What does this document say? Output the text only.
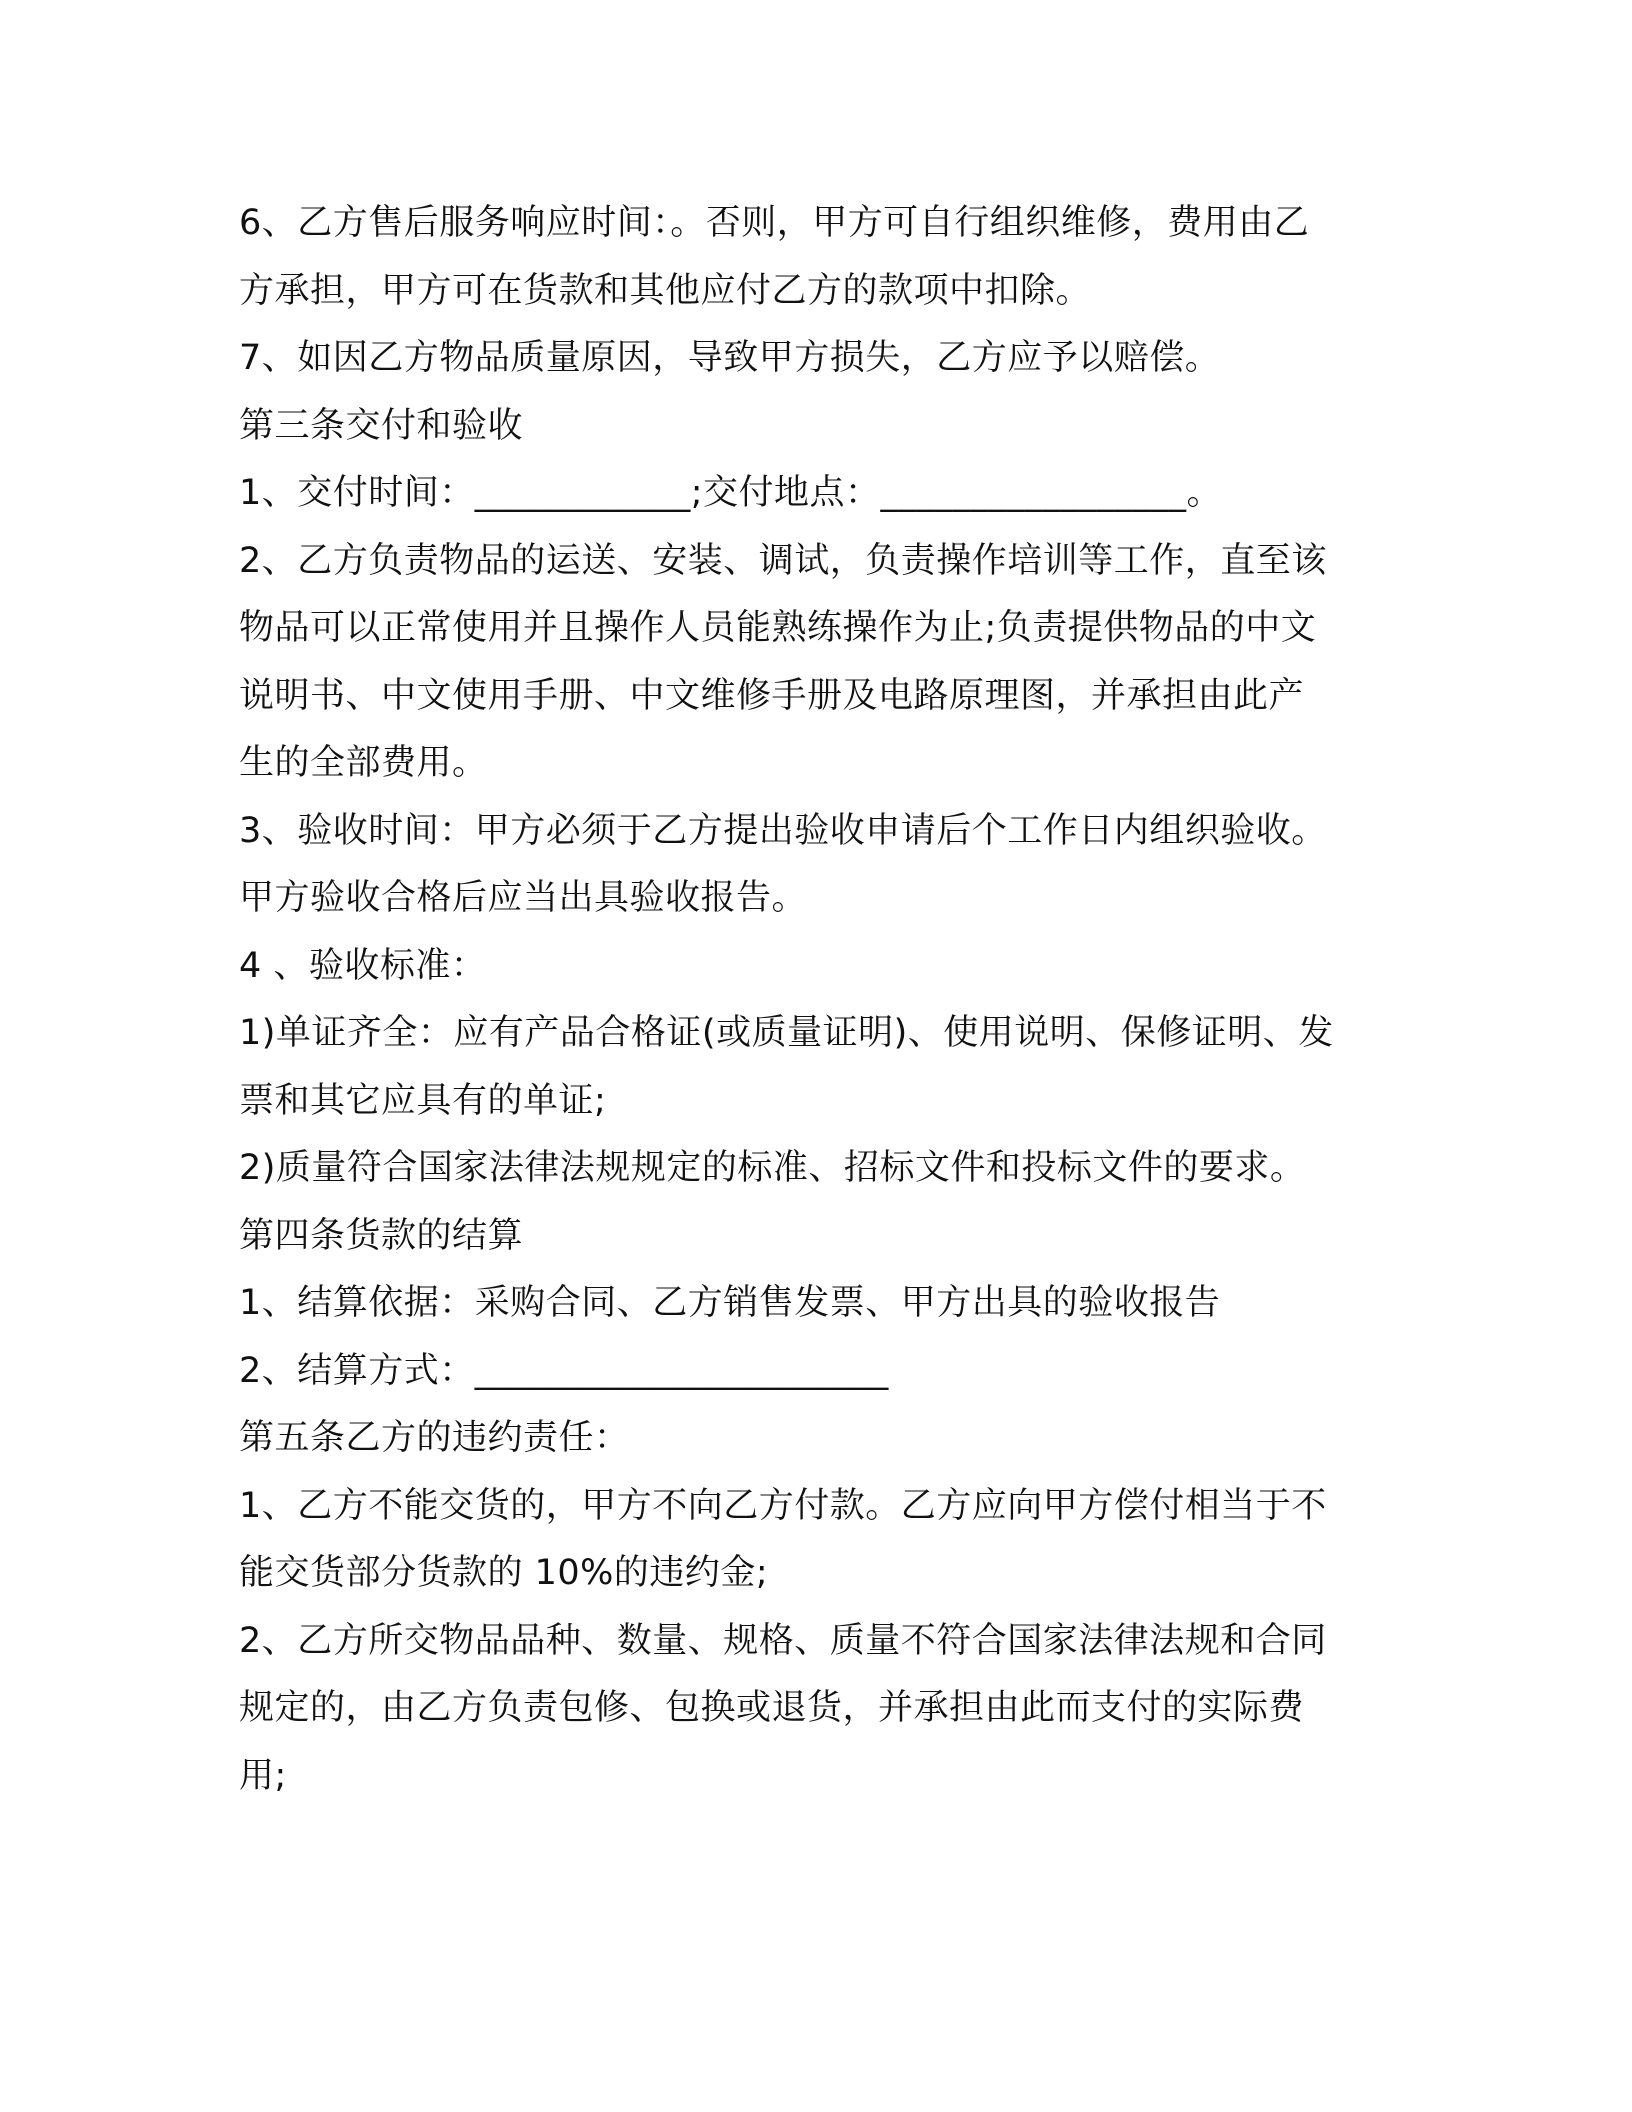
6、乙方售后服务响应时间：。否则，甲方可自行组织维修，费用由乙
方承担，甲方可在货款和其他应付乙方的款项中扣除。
7、如因乙方物品质量原因，导致甲方损失，乙方应予以赔偿。
第三条交付和验收
1、交付时间：____________;交付地点：_________________。
2、乙方负责物品的运送、安装、调试，负责操作培训等工作，直至该
物品可以正常使用并且操作人员能熟练操作为止;负责提供物品的中文
说明书、中文使用手册、中文维修手册及电路原理图，并承担由此产
生的全部费用。
3、验收时间：甲方必须于乙方提出验收申请后个工作日内组织验收。
甲方验收合格后应当出具验收报告。
4 、验收标准：
1)单证齐全：应有产品合格证(或质量证明)、使用说明、保修证明、发
票和其它应具有的单证;
2)质量符合国家法律法规规定的标准、招标文件和投标文件的要求。
第四条货款的结算
1、结算依据：采购合同、乙方销售发票、甲方出具的验收报告
2、结算方式：_______________________
第五条乙方的违约责任：
1、乙方不能交货的，甲方不向乙方付款。乙方应向甲方偿付相当于不
能交货部分货款的 10%的违约金;
2、乙方所交物品品种、数量、规格、质量不符合国家法律法规和合同
规定的，由乙方负责包修、包换或退货，并承担由此而支付的实际费
用;
